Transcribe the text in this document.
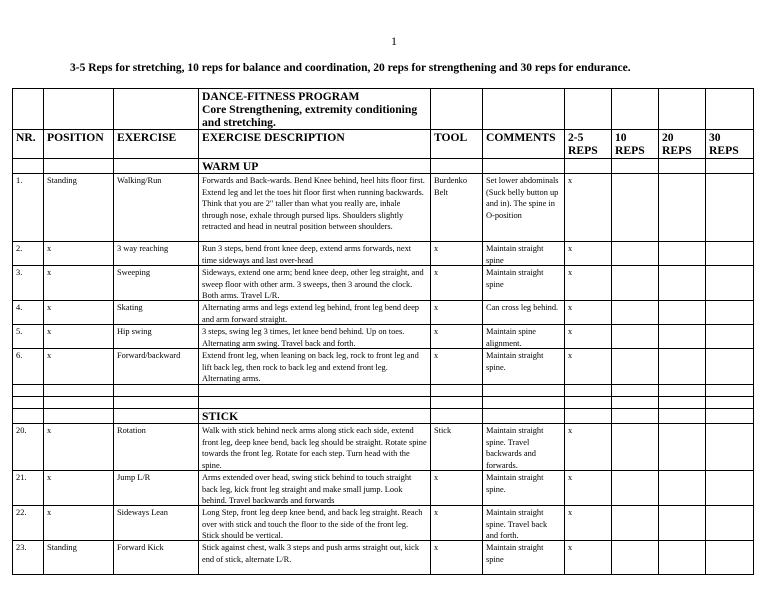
1
3-5 Reps for stretching, 10 reps for balance and coordination, 20 reps for strengthening and 30 reps for endurance.

			DANCE-FITNESS PROGRAM
Core Strengthening, extremity conditioning and stretching.						

NR.	POSITION	EXERCISE	EXERCISE DESCRIPTION	TOOL	COMMENTS	2-5 REPS	10 REPS	20 REPS	30 REPS
			WARM UP						

1.	Standing	Walking/Run	Forwards and Back-wards. Bend Knee behind, heel hits floor first. Extend leg and let the toes hit floor first when running backwards. Think that you are 2" taller than what you really are, inhale through nose, exhale through pursed lips. Shoulders slightly retracted and head in neutral position between shoulders.	Burdenko Belt	Set lower abdominals (Suck belly button up and in). The spine in O-position	x			

2.	x	3 way reaching	Run 3 steps, bend front knee deep, extend arms forwards, next time sideways and last over-head	x	Maintain straight spine	x			

3.	x	Sweeping	Sideways, extend one arm; bend knee deep, other leg straight, and sweep floor with other arm. 3 sweeps, then 3 around the clock. Both arms. Travel L/R.	x	Maintain straight spine	x			

4.	x	Skating	Alternating arms and legs extend leg behind, front leg bend deep and arm forward straight.	x	Can cross leg behind.	x			

5.	x	Hip swing	3 steps, swing leg 3 times, let knee bend behind. Up on toes. Alternating arm swing. Travel back and forth.	x	Maintain spine alignment.	x			

6.	x	Forward/backward	Extend front leg, when leaning on back leg, rock to front leg and lift back leg, then rock to back leg and extend front leg. Alternating arms.	x	Maintain straight spine.	x			

			STICK						

20.	x	Rotation	Walk with stick behind neck arms along stick each side, extend front leg, deep knee bend, back leg should be straight. Rotate spine towards the front leg. Rotate for each step. Turn head with the spine.	Stick	Maintain straight spine. Travel backwards and forwards.	x			

21.	x	Jump L/R	Arms extended over head, swing stick behind to touch straight back leg, kick front leg straight and make small jump. Look behind. Travel backwards and forwards	x	Maintain straight spine.	x			

22.	x	Sideways Lean	Long Step, front leg deep knee bend, and back leg straight. Reach over with stick and touch the floor to the side of the front leg. Stick should be vertical.	x	Maintain straight spine. Travel back and forth.	x			

23.	Standing	Forward Kick	Stick against chest, walk 3 steps and push arms straight out, kick end of stick, alternate L/R.	x	Maintain straight spine	x			
